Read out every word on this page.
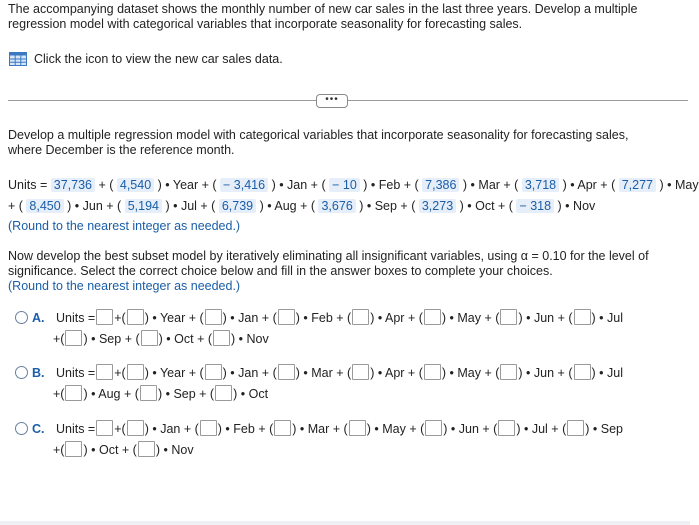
The accompanying dataset shows the monthly number of new car sales in the last three years. Develop a multiple
regression model with categorical variables that incorporate seasonality for forecasting sales.
Click the icon to view the new car sales data.
•••
Develop a multiple regression model with categorical variables that incorporate seasonality for forecasting sales,
where December is the reference month.
Units = 37,736 + ( 4,540 ) • Year + ( − 3,416 ) • Jan + ( − 10 ) • Feb + ( 7,386 ) • Mar + ( 3,718 ) • Apr + ( 7,277 ) • May
+ ( 8,450 ) • Jun + ( 5,194 ) • Jul + ( 6,739 ) • Aug + ( 3,676 ) • Sep + ( 3,273 ) • Oct + ( − 318 ) • Nov
(Round to the nearest integer as needed.)
Now develop the best subset model by iteratively eliminating all insignificant variables, using α = 0.10 for the level of
significance. Select the correct choice below and fill in the answer boxes to complete your choices.
(Round to the nearest integer as needed.)
A. Units = +( ) • Year + ( ) • Jan + ( ) • Feb + ( ) • Apr + ( ) • May + ( ) • Jun + ( ) • Jul
+( ) • Sep + ( ) • Oct + ( ) • Nov
B. Units = +( ) • Year + ( ) • Jan + ( ) • Mar + ( ) • Apr + ( ) • May + ( ) • Jun + ( ) • Jul
+( ) • Aug + ( ) • Sep + ( ) • Oct
C. Units = +( ) • Jan + ( ) • Feb + ( ) • Mar + ( ) • May + ( ) • Jun + ( ) • Jul + ( ) • Sep
+( ) • Oct + ( ) • Nov
